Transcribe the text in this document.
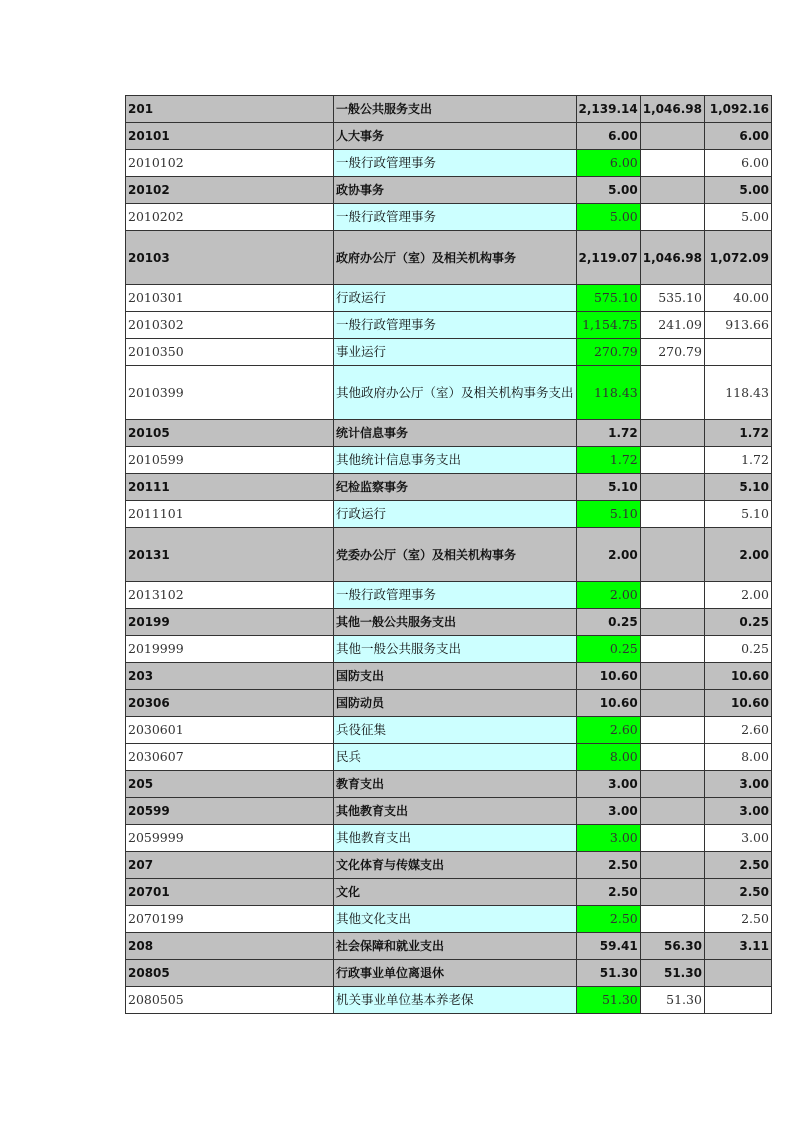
201	一般公共服务支出	2,139.14	1,046.98	1,092.16
20101	人大事务	6.00		6.00
2010102	一般行政管理事务	6.00		6.00
20102	政协事务	5.00		5.00
2010202	一般行政管理事务	5.00		5.00
20103	政府办公厅（室）及相关机构事务	2,119.07	1,046.98	1,072.09
2010301	行政运行	575.10	535.10	40.00
2010302	一般行政管理事务	1,154.75	241.09	913.66
2010350	事业运行	270.79	270.79	
2010399	其他政府办公厅（室）及相关机构事务支出	118.43		118.43
20105	统计信息事务	1.72		1.72
2010599	其他统计信息事务支出	1.72		1.72
20111	纪检监察事务	5.10		5.10
2011101	行政运行	5.10		5.10
20131	党委办公厅（室）及相关机构事务	2.00		2.00
2013102	一般行政管理事务	2.00		2.00
20199	其他一般公共服务支出	0.25		0.25
2019999	其他一般公共服务支出	0.25		0.25
203	国防支出	10.60		10.60
20306	国防动员	10.60		10.60
2030601	兵役征集	2.60		2.60
2030607	民兵	8.00		8.00
205	教育支出	3.00		3.00
20599	其他教育支出	3.00		3.00
2059999	其他教育支出	3.00		3.00
207	文化体育与传媒支出	2.50		2.50
20701	文化	2.50		2.50
2070199	其他文化支出	2.50		2.50
208	社会保障和就业支出	59.41	56.30	3.11
20805	行政事业单位离退休	51.30	51.30	
2080505	机关事业单位基本养老保	51.30	51.30	
